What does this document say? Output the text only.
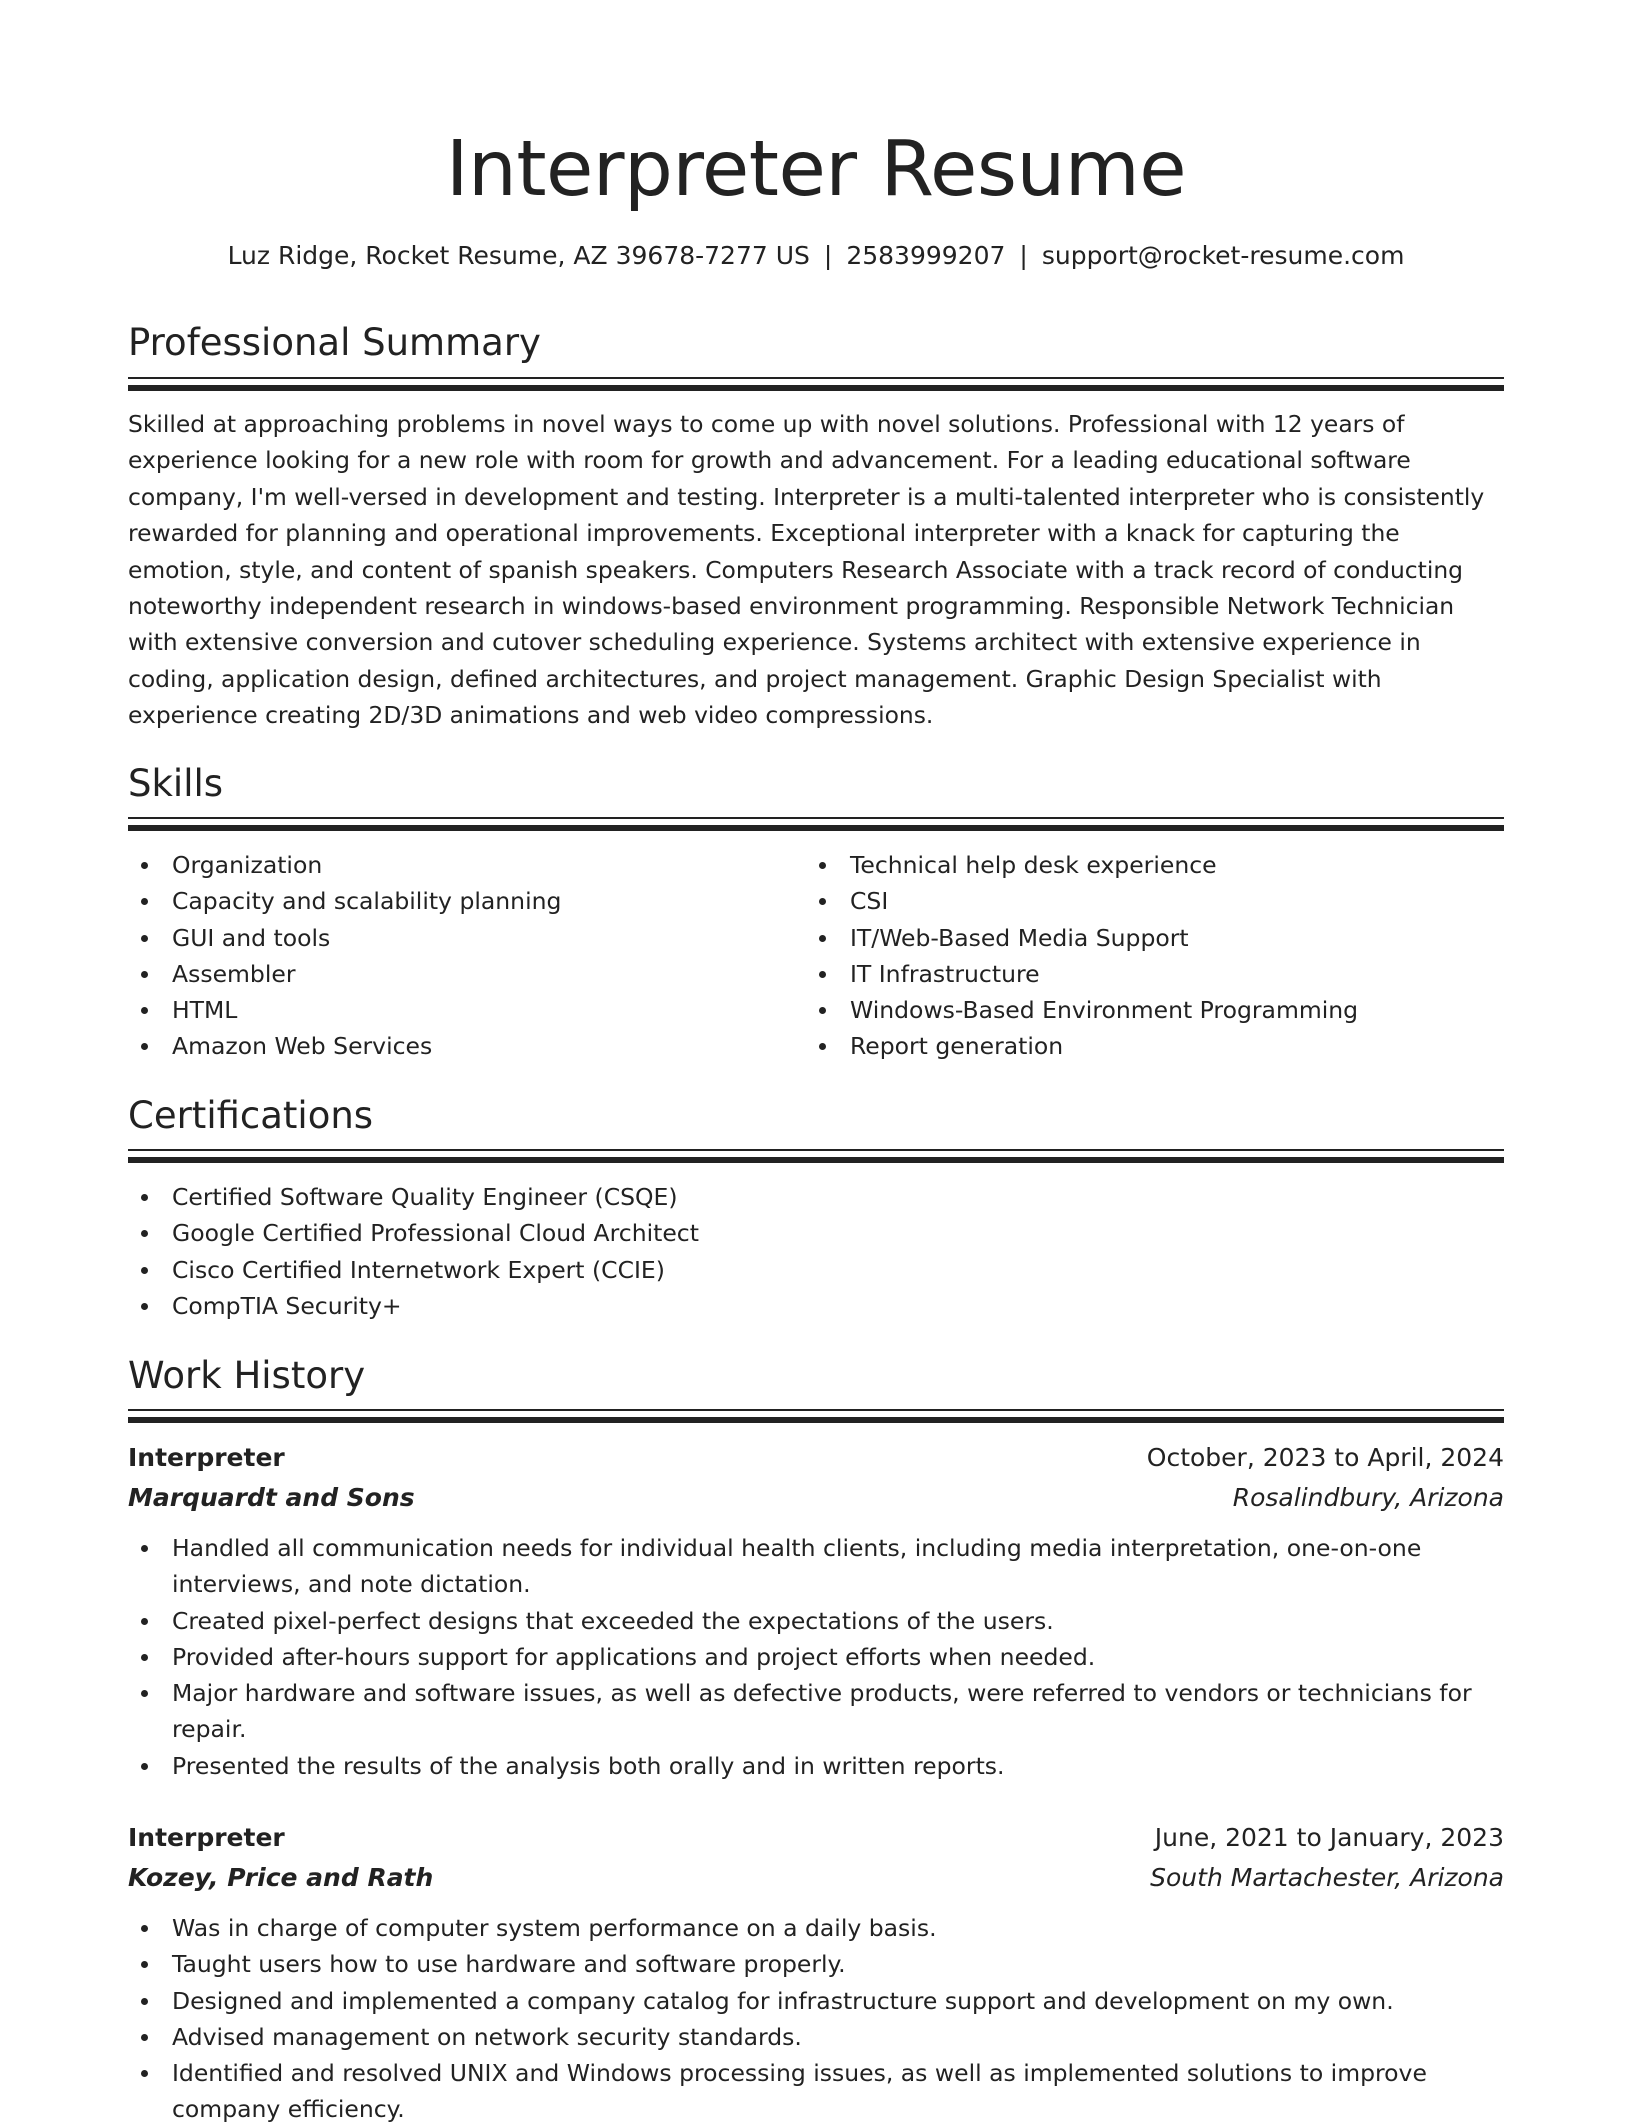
Interpreter Resume
Luz Ridge, Rocket Resume, AZ 39678-7277 US | 2583999207 | support@rocket-resume.com
Professional Summary

Skilled at approaching problems in novel ways to come up with novel solutions. Professional with 12 years of experience looking for a new role with room for growth and advancement. For a leading educational software company, I'm well-versed in development and testing. Interpreter is a multi-talented interpreter who is consistently rewarded for planning and operational improvements. Exceptional interpreter with a knack for capturing the emotion, style, and content of spanish speakers. Computers Research Associate with a track record of conducting noteworthy independent research in windows-based environment programming. Responsible Network Technician with extensive conversion and cutover scheduling experience. Systems architect with extensive experience in coding, application design, defined architectures, and project management. Graphic Design Specialist with experience creating 2D/3D animations and web video compressions.

Skills
Organization
Capacity and scalability planning
GUI and tools
Assembler
HTML
Amazon Web Services
Technical help desk experience
CSI
IT/Web-Based Media Support
IT Infrastructure
Windows-Based Environment Programming
Report generation
Certifications
Certified Software Quality Engineer (CSQE)
Google Certified Professional Cloud Architect
Cisco Certified Internetwork Expert (CCIE)
CompTIA Security+
Work History
Interpreter	October, 2023 to April, 2024
Marquardt and Sons	Rosalindbury, Arizona
Handled all communication needs for individual health clients, including media interpretation, one-on-one interviews, and note dictation.
Created pixel-perfect designs that exceeded the expectations of the users.
Provided after-hours support for applications and project efforts when needed.
Major hardware and software issues, as well as defective products, were referred to vendors or technicians for repair.
Presented the results of the analysis both orally and in written reports.
Interpreter	June, 2021 to January, 2023
Kozey, Price and Rath	South Martachester, Arizona
Was in charge of computer system performance on a daily basis.
Taught users how to use hardware and software properly.
Designed and implemented a company catalog for infrastructure support and development on my own.
Advised management on network security standards.
Identified and resolved UNIX and Windows processing issues, as well as implemented solutions to improve company efficiency.
